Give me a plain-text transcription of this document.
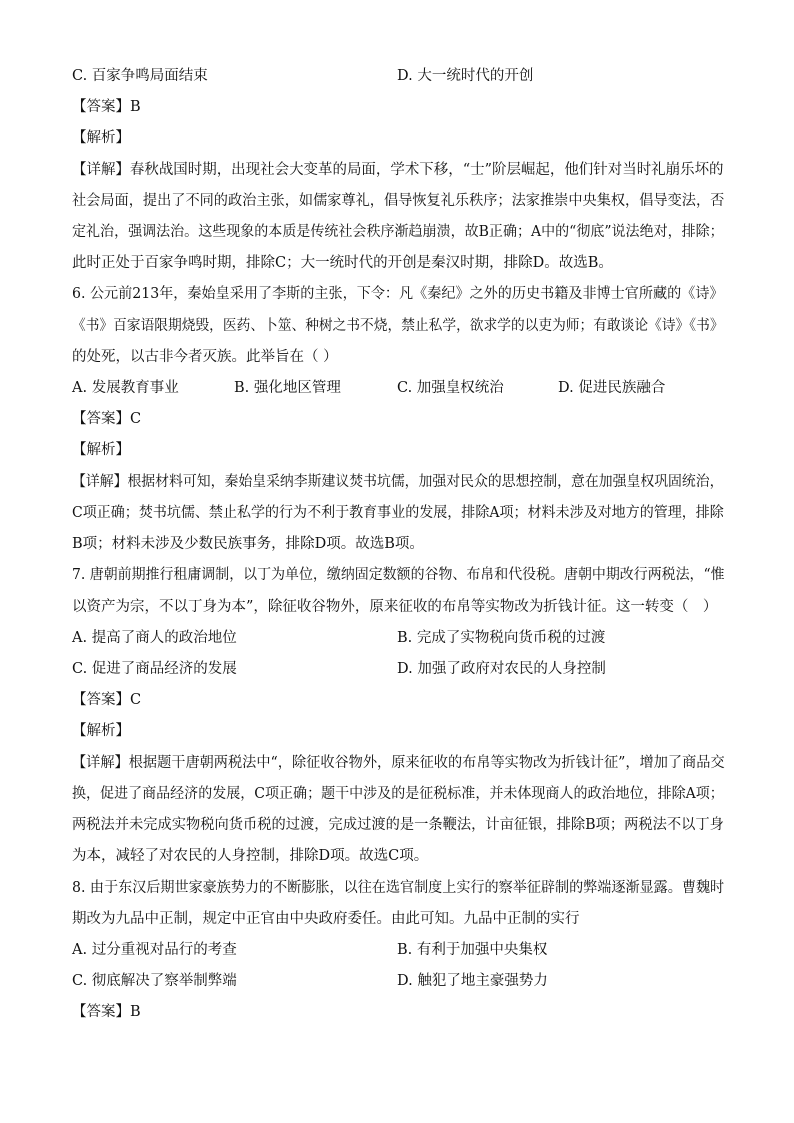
C. 百家争鸣局面结束	D. 大一统时代的开创
【答案】B
【解析】
【详解】春秋战国时期，出现社会大变革的局面，学术下移，“士”阶层崛起，他们针对当时礼崩乐坏的
社会局面，提出了不同的政治主张，如儒家尊礼，倡导恢复礼乐秩序；法家推崇中央集权，倡导变法，否
定礼治，强调法治。这些现象的本质是传统社会秩序渐趋崩溃，故B正确；A中的“彻底”说法绝对，排除；
此时正处于百家争鸣时期，排除C；大一统时代的开创是秦汉时期，排除D。故选B。
6. 公元前213年，秦始皇采用了李斯的主张，下令：凡《秦纪》之外的历史书籍及非博士官所藏的《诗》
《书》百家语限期烧毁，医药、卜筮、种树之书不烧，禁止私学，欲求学的以吏为师；有敢谈论《诗》《书》
的处死，以古非今者灭族。此举旨在（ ）
A. 发展教育事业	B. 强化地区管理	C. 加强皇权统治	D. 促进民族融合
【答案】C
【解析】
【详解】根据材料可知，秦始皇采纳李斯建议焚书坑儒，加强对民众的思想控制，意在加强皇权巩固统治，
C项正确；焚书坑儒、禁止私学的行为不利于教育事业的发展，排除A项；材料未涉及对地方的管理，排除
B项；材料未涉及少数民族事务，排除D项。故选B项。
7. 唐朝前期推行租庸调制，以丁为单位，缴纳固定数额的谷物、布帛和代役税。唐朝中期改行两税法，“惟
以资产为宗，不以丁身为本”，除征收谷物外，原来征收的布帛等实物改为折钱计征。这一转变（　）
A. 提高了商人的政治地位	B. 完成了实物税向货币税的过渡
C. 促进了商品经济的发展	D. 加强了政府对农民的人身控制
【答案】C
【解析】
【详解】根据题干唐朝两税法中“，除征收谷物外，原来征收的布帛等实物改为折钱计征”，增加了商品交
换，促进了商品经济的发展，C项正确；题干中涉及的是征税标准，并未体现商人的政治地位，排除A项；
两税法并未完成实物税向货币税的过渡，完成过渡的是一条鞭法，计亩征银，排除B项；两税法不以丁身
为本，减轻了对农民的人身控制，排除D项。故选C项。
8. 由于东汉后期世家豪族势力的不断膨胀，以往在选官制度上实行的察举征辟制的弊端逐渐显露。曹魏时
期改为九品中正制，规定中正官由中央政府委任。由此可知。九品中正制的实行
A. 过分重视对品行的考查	B. 有利于加强中央集权
C. 彻底解决了察举制弊端	D. 触犯了地主豪强势力
【答案】B
